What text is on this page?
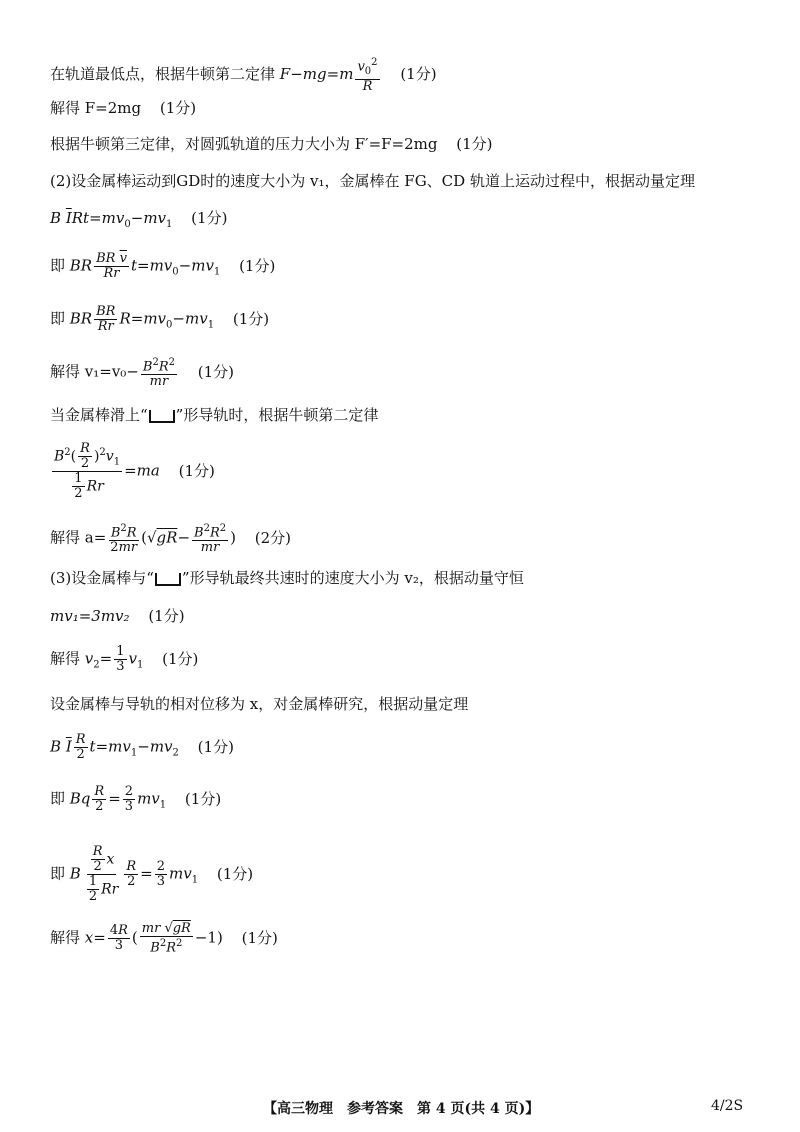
在轨道最低点，根据牛顿第二定律 $F-mg=m \frac{v_0^2}{R} (1$分)
解得 F=2mg (1分)
根据牛顿第三定律，对圆弧轨道的压力大小为 F′=F=2mg (1分)
(2)设金属棒运动到GD时的速度大小为 v₁，金属棒在 FG、CD 轨道上运动过程中，根据动量定理
B $\overline{I}Rt=mv_0-mv_1$ (1分)
即 BR $\frac{BR \overline{v}}{Rr} t=mv_0-mv_1$ (1分)
即 BR $\frac{BR}{Rr} R=mv_0-mv_1$ (1分)
解得 $v_1=v_0- \frac{B^2R^2}{mr} (1$分)
当金属棒滑上“ ”形导轨时，根据牛顿第二定律
$\frac{B^2( \frac{R}{2} )^2v_1}{\frac{1}{2} Rr} =ma$ (1分)
解得 $a= \frac{B^2R}{2mr} (√gR- \frac{B^2R^2}{mr}$ ) (2分)
(3)设金属棒与“ ”形导轨最终共速时的速度大小为 v₂，根据动量守恒
mv₁=3mv₂ (1分)
解得 $v_2= \frac{1}{3} v_1$ (1分)
设金属棒与导轨的相对位移为 x，对金属棒研究，根据动量定理
B $\overline{I} \frac{R}{2} t=mv_1-mv_2$ (1分)
即 Bq $\frac{R}{2} = \frac{2}{3} mv_1$ (1分)
即 B $\frac{\frac{R}{2} x}{\frac{1}{2} Rr} \frac{R}{2} = \frac{2}{3} mv_1$ (1分)
解得 $x= \frac{4R}{3}$ ( $\frac{mr √gR}{B^2R^2} -1$) (1分)
【高三物理　参考答案　第 4 页(共 4 页)】	4/2S
